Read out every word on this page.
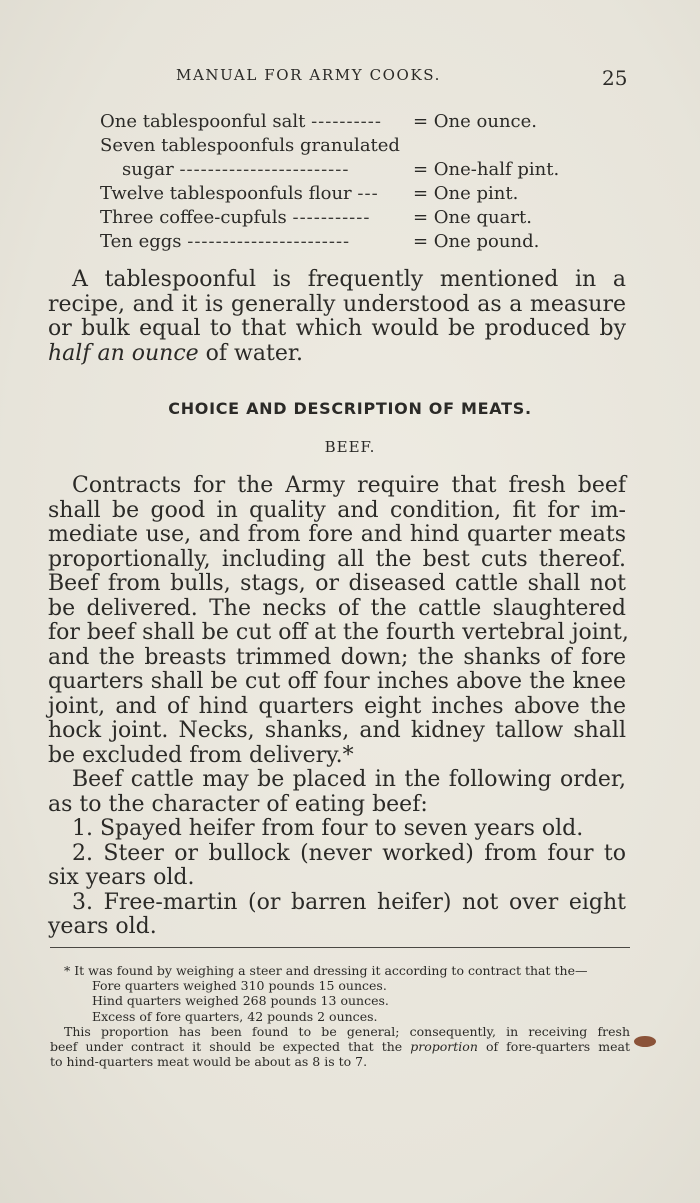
MANUAL FOR ARMY COOKS.	25
One tablespoonful salt ---------- = One ounce.
Seven tablespoonfuls granulated
sugar ------------------------	= One-half pint.
Twelve tablespoonfuls flour --- = One pint.
Three coffee-cupfuls ----------- = One quart.
Ten eggs -----------------------	= One pound.
A tablespoonful is frequently mentioned in a
recipe, and it is generally understood as a measure
or bulk equal to that which would be produced by
half an ounce of water.
CHOICE AND DESCRIPTION OF MEATS.
BEEF.
Contracts for the Army require that fresh beef
shall be good in quality and condition, fit for im-
mediate use, and from fore and hind quarter meats
proportionally, including all the best cuts thereof.
Beef from bulls, stags, or diseased cattle shall not
be delivered. The necks of the cattle slaughtered
for beef shall be cut off at the fourth vertebral joint,
and the breasts trimmed down; the shanks of fore
quarters shall be cut off four inches above the knee
joint, and of hind quarters eight inches above the
hock joint. Necks, shanks, and kidney tallow shall
be excluded from delivery.*
Beef cattle may be placed in the following order,
as to the character of eating beef:
1. Spayed heifer from four to seven years old.
2. Steer or bullock (never worked) from four to
six years old.
3. Free-martin (or barren heifer) not over eight
years old.
* It was found by weighing a steer and dressing it according to contract that the—
Fore quarters weighed 310 pounds 15 ounces.
Hind quarters weighed 268 pounds 13 ounces.
Excess of fore quarters, 42 pounds 2 ounces.
This proportion has been found to be general; consequently, in receiving fresh
beef under contract it should be expected that the proportion of fore-quarters meat
to hind-quarters meat would be about as 8 is to 7.
